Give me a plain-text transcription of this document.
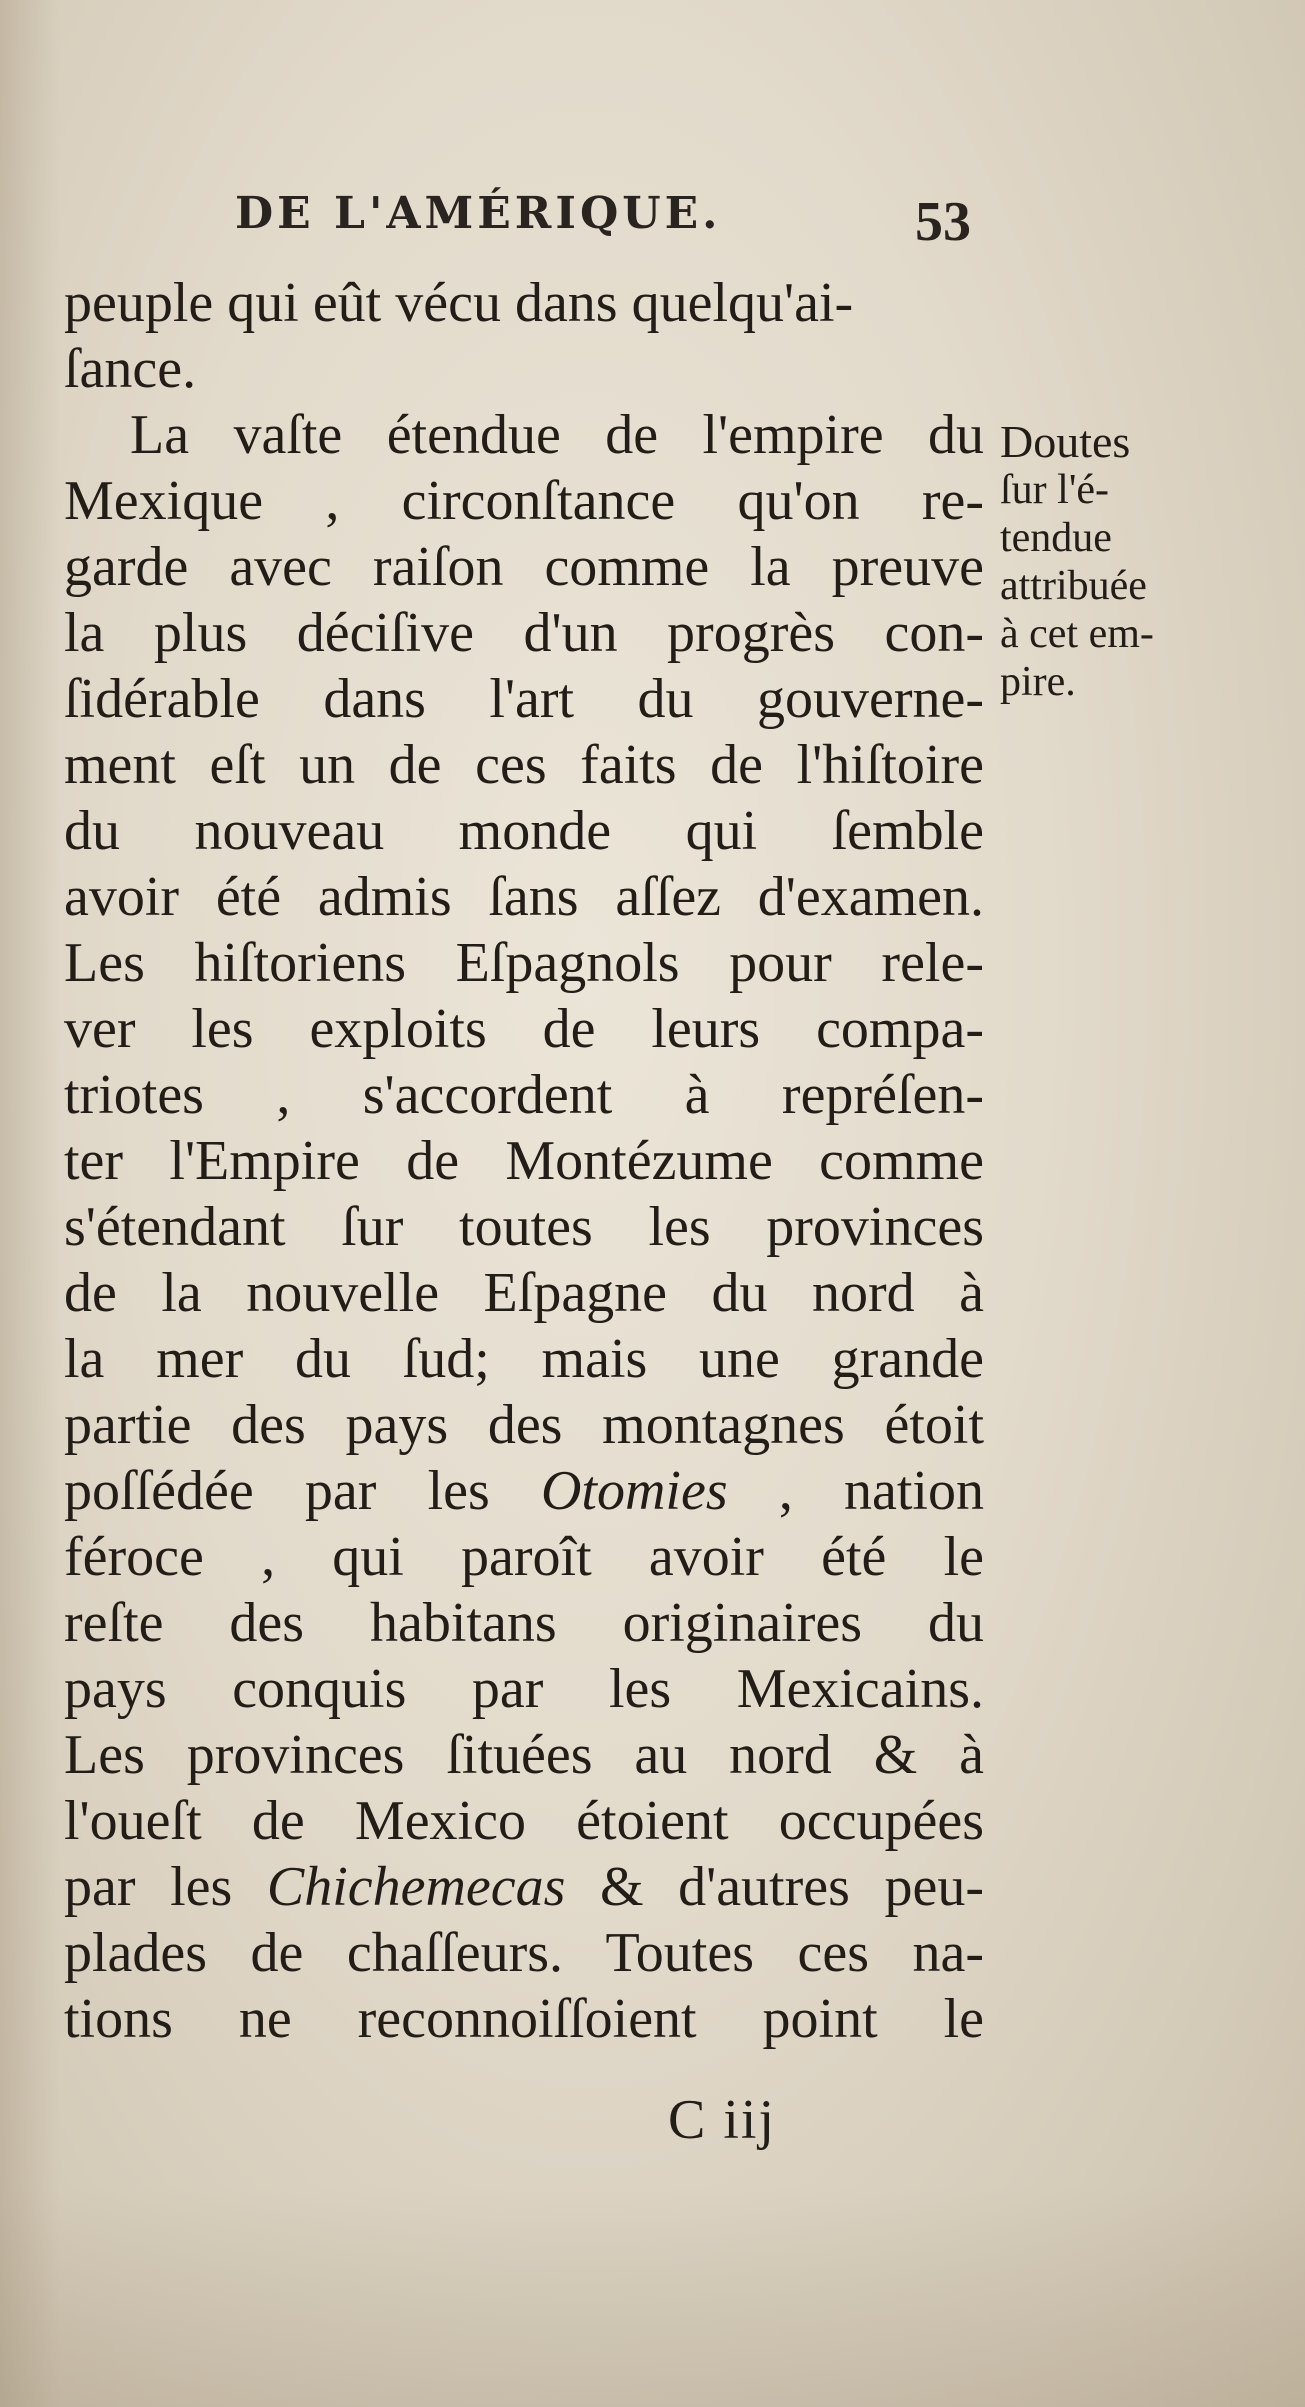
DE L'AMÉRIQUE.	53
peuple qui eût vécu dans quelqu'ai-
ſance.
La vaſte étendue de l'empire du
Mexique , circonſtance qu'on re-
garde avec raiſon comme la preuve
la plus déciſive d'un progrès con-
ſidérable dans l'art du gouverne-
ment eſt un de ces faits de l'hiſtoire
du nouveau monde qui ſemble
avoir été admis ſans aſſez d'examen.
Les hiſtoriens Eſpagnols pour rele-
ver les exploits de leurs compa-
triotes , s'accordent à repréſen-
ter l'Empire de Montézume comme
s'étendant ſur toutes les provinces
de la nouvelle Eſpagne du nord à
la mer du ſud; mais une grande
partie des pays des montagnes étoit
poſſédée par les Otomies , nation
féroce , qui paroît avoir été le
reſte des habitans originaires du
pays conquis par les Mexicains.
Les provinces ſituées au nord & à
l'oueſt de Mexico étoient occupées
par les Chichemecas & d'autres peu-
plades de chaſſeurs. Toutes ces na-
tions ne reconnoiſſoient point le
Doutes
ſur l'é-
tendue
attribuée
à cet em-
pire.
C iij
